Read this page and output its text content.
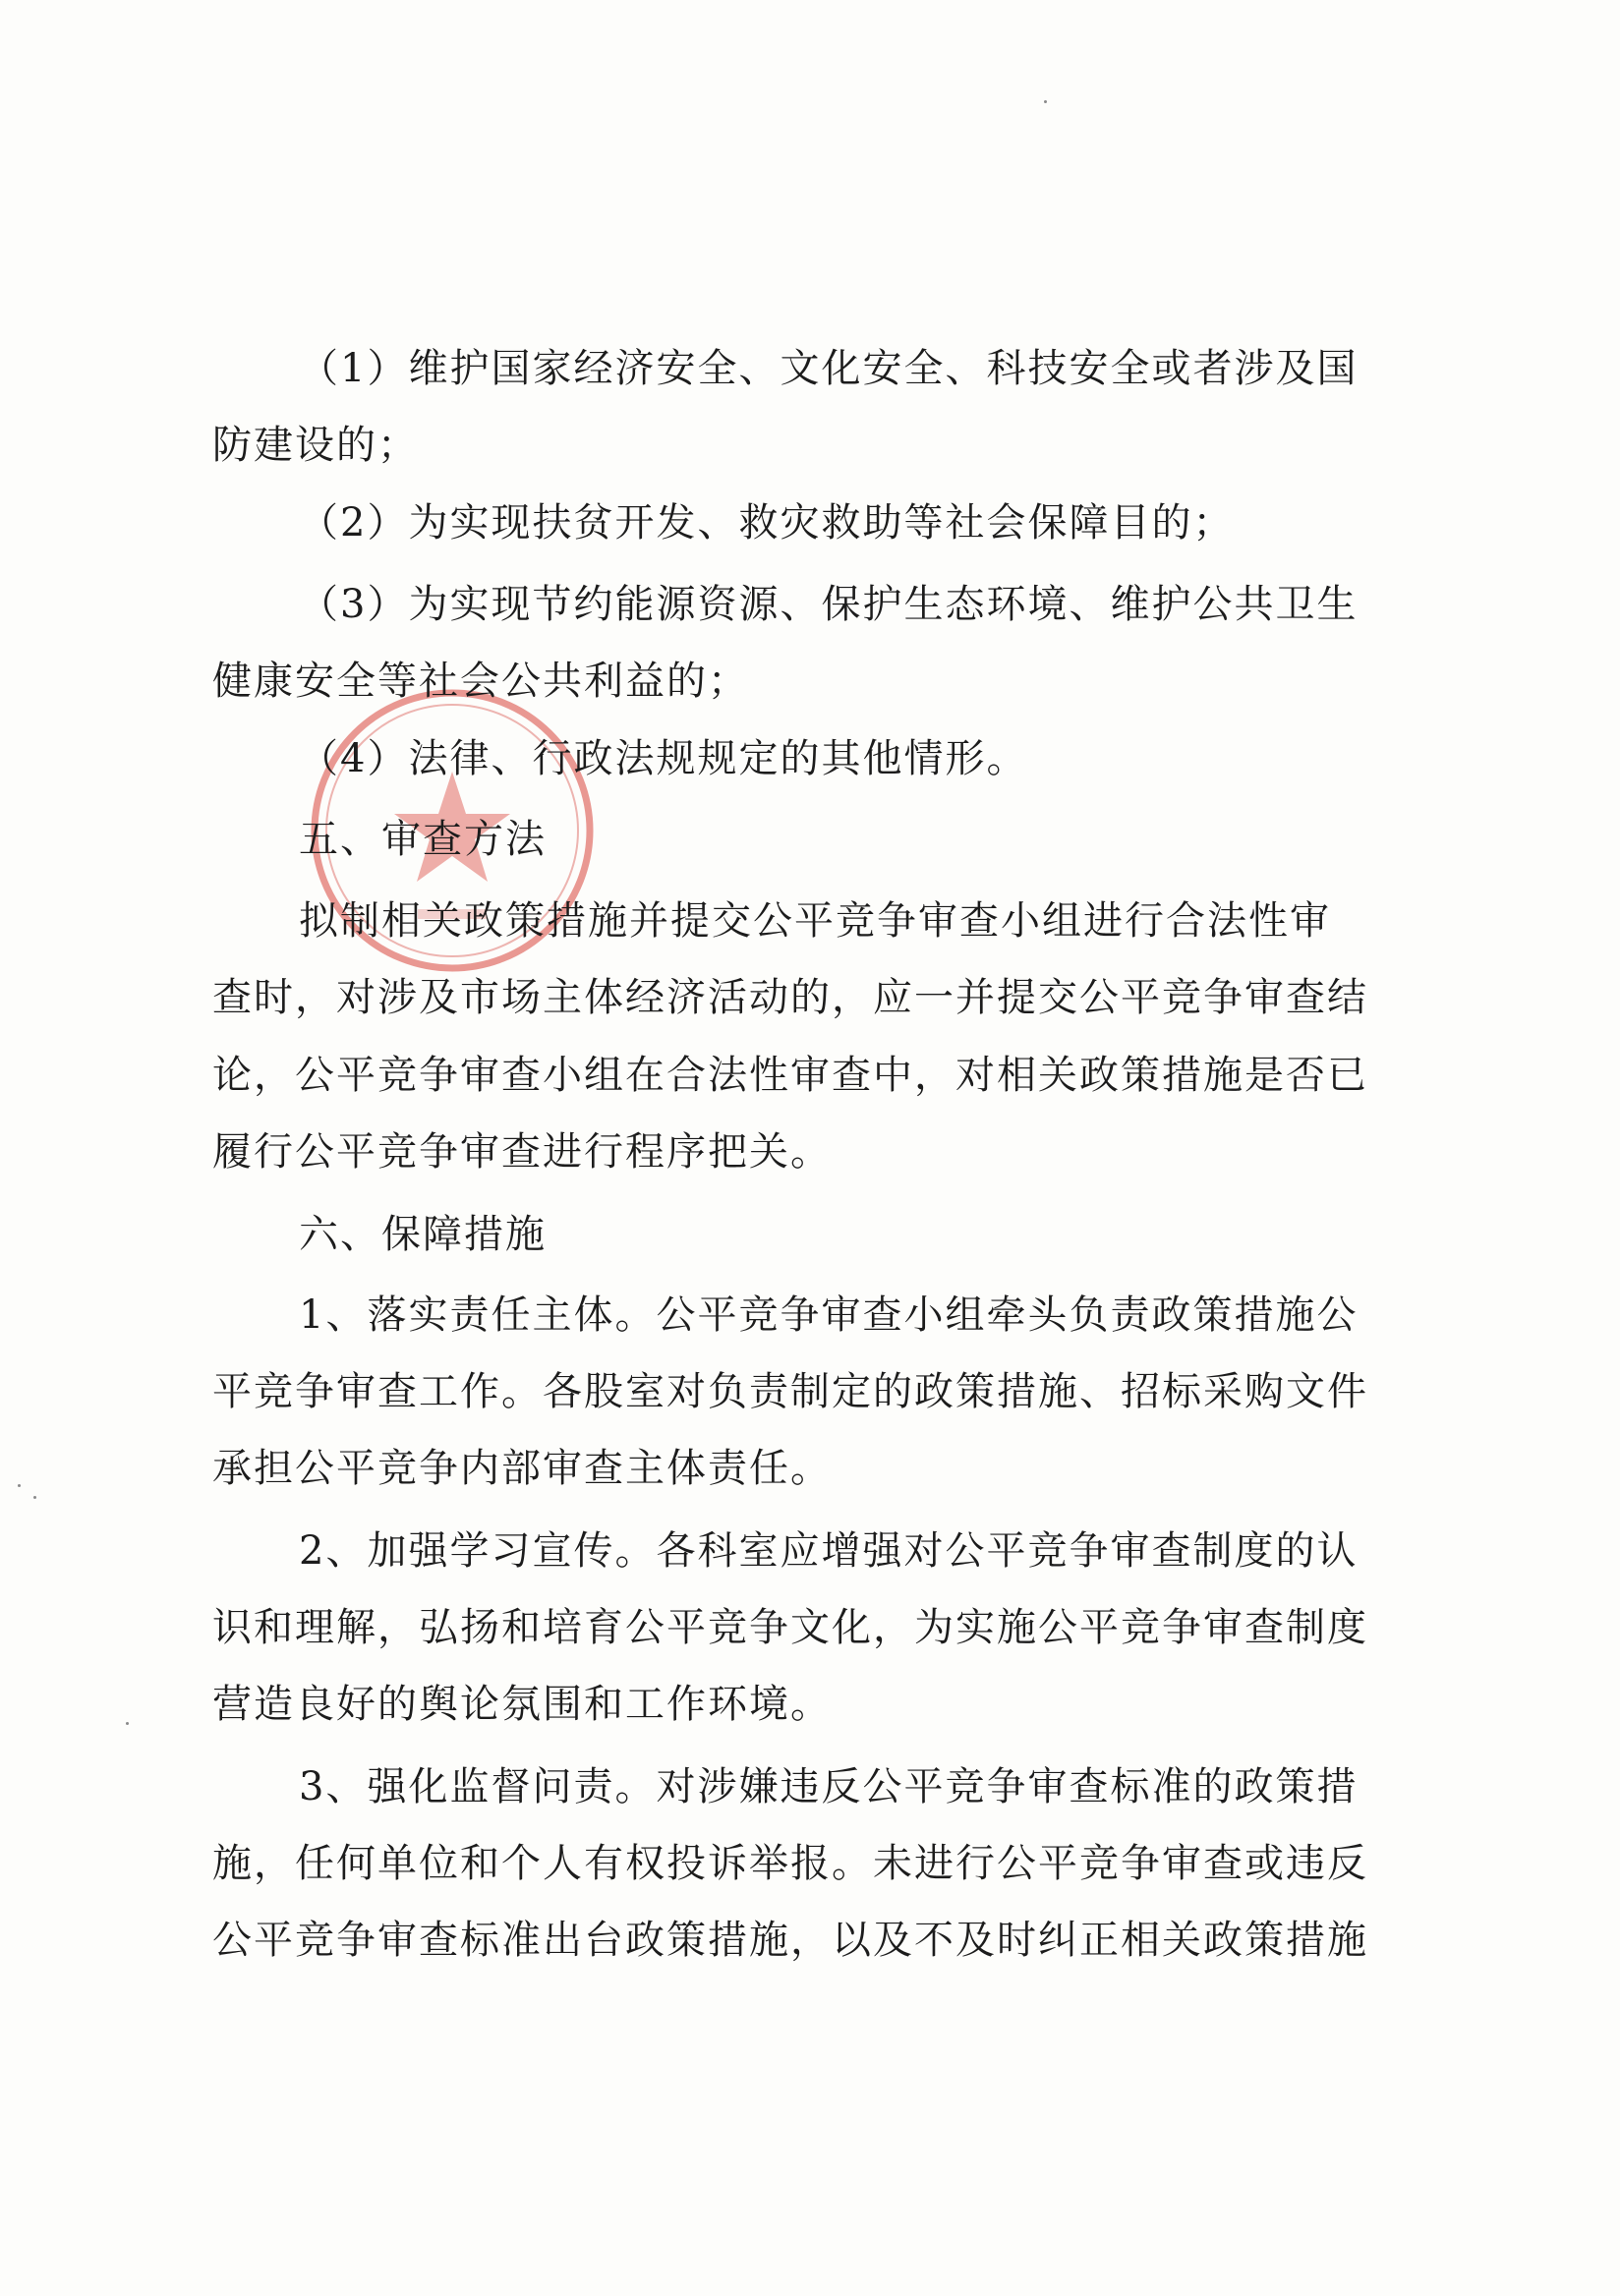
（1）维护国家经济安全、文化安全、科技安全或者涉及国
防建设的；
（2）为实现扶贫开发、救灾救助等社会保障目的；
（3）为实现节约能源资源、保护生态环境、维护公共卫生
健康安全等社会公共利益的；
（4）法律、行政法规规定的其他情形。
五、审查方法
拟制相关政策措施并提交公平竞争审查小组进行合法性审
查时，对涉及市场主体经济活动的，应一并提交公平竞争审查结
论，公平竞争审查小组在合法性审查中，对相关政策措施是否已
履行公平竞争审查进行程序把关。
六、保障措施
1、落实责任主体。公平竞争审查小组牵头负责政策措施公
平竞争审查工作。各股室对负责制定的政策措施、招标采购文件
承担公平竞争内部审查主体责任。
2、加强学习宣传。各科室应增强对公平竞争审查制度的认
识和理解，弘扬和培育公平竞争文化，为实施公平竞争审查制度
营造良好的舆论氛围和工作环境。
3、强化监督问责。对涉嫌违反公平竞争审查标准的政策措
施，任何单位和个人有权投诉举报。未进行公平竞争审查或违反
公平竞争审查标准出台政策措施，以及不及时纠正相关政策措施
